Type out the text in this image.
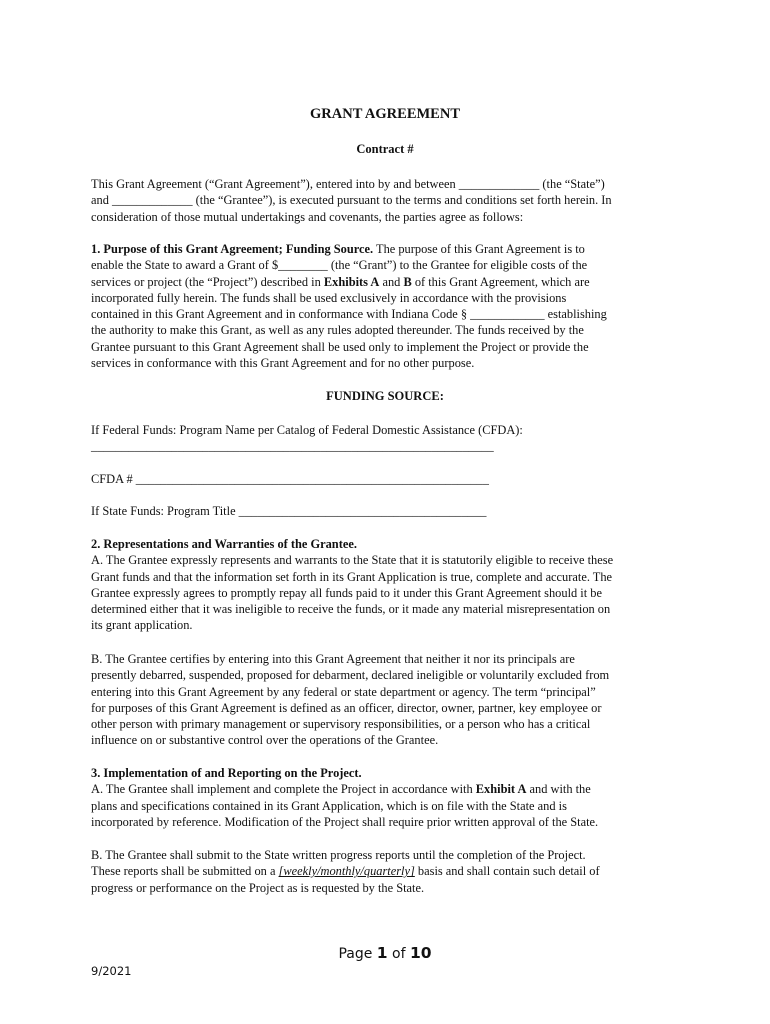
GRANT AGREEMENT
Contract #
This Grant Agreement (“Grant Agreement”), entered into by and between _____________ (the “State”)
and _____________ (the “Grantee”), is executed pursuant to the terms and conditions set forth herein. In
consideration of those mutual undertakings and covenants, the parties agree as follows:
1. Purpose of this Grant Agreement; Funding Source. The purpose of this Grant Agreement is to
enable the State to award a Grant of $________ (the “Grant”) to the Grantee for eligible costs of the
services or project (the “Project”) described in Exhibits A and B of this Grant Agreement, which are
incorporated fully herein. The funds shall be used exclusively in accordance with the provisions
contained in this Grant Agreement and in conformance with Indiana Code § ____________ establishing
the authority to make this Grant, as well as any rules adopted thereunder. The funds received by the
Grantee pursuant to this Grant Agreement shall be used only to implement the Project or provide the
services in conformance with this Grant Agreement and for no other purpose.
FUNDING SOURCE:
If Federal Funds: Program Name per Catalog of Federal Domestic Assistance (CFDA):
_________________________________________________________________
CFDA # _________________________________________________________
If State Funds: Program Title ________________________________________
2. Representations and Warranties of the Grantee.
A. The Grantee expressly represents and warrants to the State that it is statutorily eligible to receive these
Grant funds and that the information set forth in its Grant Application is true, complete and accurate. The
Grantee expressly agrees to promptly repay all funds paid to it under this Grant Agreement should it be
determined either that it was ineligible to receive the funds, or it made any material misrepresentation on
its grant application.
B. The Grantee certifies by entering into this Grant Agreement that neither it nor its principals are
presently debarred, suspended, proposed for debarment, declared ineligible or voluntarily excluded from
entering into this Grant Agreement by any federal or state department or agency. The term “principal”
for purposes of this Grant Agreement is defined as an officer, director, owner, partner, key employee or
other person with primary management or supervisory responsibilities, or a person who has a critical
influence on or substantive control over the operations of the Grantee.
3. Implementation of and Reporting on the Project.
A. The Grantee shall implement and complete the Project in accordance with Exhibit A and with the
plans and specifications contained in its Grant Application, which is on file with the State and is
incorporated by reference. Modification of the Project shall require prior written approval of the State.
B. The Grantee shall submit to the State written progress reports until the completion of the Project.
These reports shall be submitted on a [weekly/monthly/quarterly] basis and shall contain such detail of
progress or performance on the Project as is requested by the State.
Page 1 of 10
9/2021
